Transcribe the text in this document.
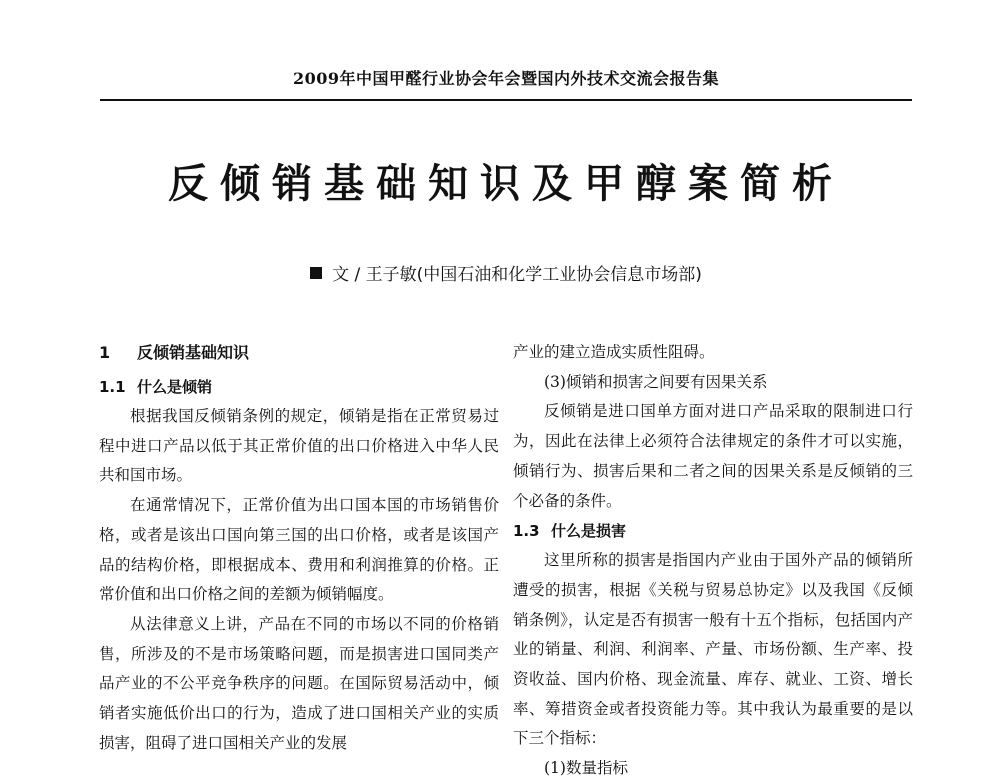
2009年中国甲醛行业协会年会暨国内外技术交流会报告集
反倾销基础知识及甲醇案简析
文 / 王子敏(中国石油和化学工业协会信息市场部)
1 反倾销基础知识
1.1 什么是倾销

根据我国反倾销条例的规定，倾销是指在正常贸易过程中进口产品以低于其正常价值的出口价格进入中华人民共和国市场。

在通常情况下，正常价值为出口国本国的市场销售价格，或者是该出口国向第三国的出口价格，或者是该国产品的结构价格，即根据成本、费用和利润推算的价格。正常价值和出口价格之间的差额为倾销幅度。

从法律意义上讲，产品在不同的市场以不同的价格销售，所涉及的不是市场策略问题，而是损害进口国同类产品产业的不公平竞争秩序的问题。在国际贸易活动中，倾销者实施低价出口的行为，造成了进口国相关产业的实质损害，阻碍了进口国相关产业的发展

产业的建立造成实质性阻碍。

(3)倾销和损害之间要有因果关系

反倾销是进口国单方面对进口产品采取的限制进口行为，因此在法律上必须符合法律规定的条件才可以实施，倾销行为、损害后果和二者之间的因果关系是反倾销的三个必备的条件。

1.3 什么是损害

这里所称的损害是指国内产业由于国外产品的倾销所遭受的损害，根据《关税与贸易总协定》以及我国《反倾销条例》，认定是否有损害一般有十五个指标，包括国内产业的销量、利润、利润率、产量、市场份额、生产率、投资收益、国内价格、现金流量、库存、就业、工资、增长率、筹措资金或者投资能力等。其中我认为最重要的是以下三个指标：

(1)数量指标
